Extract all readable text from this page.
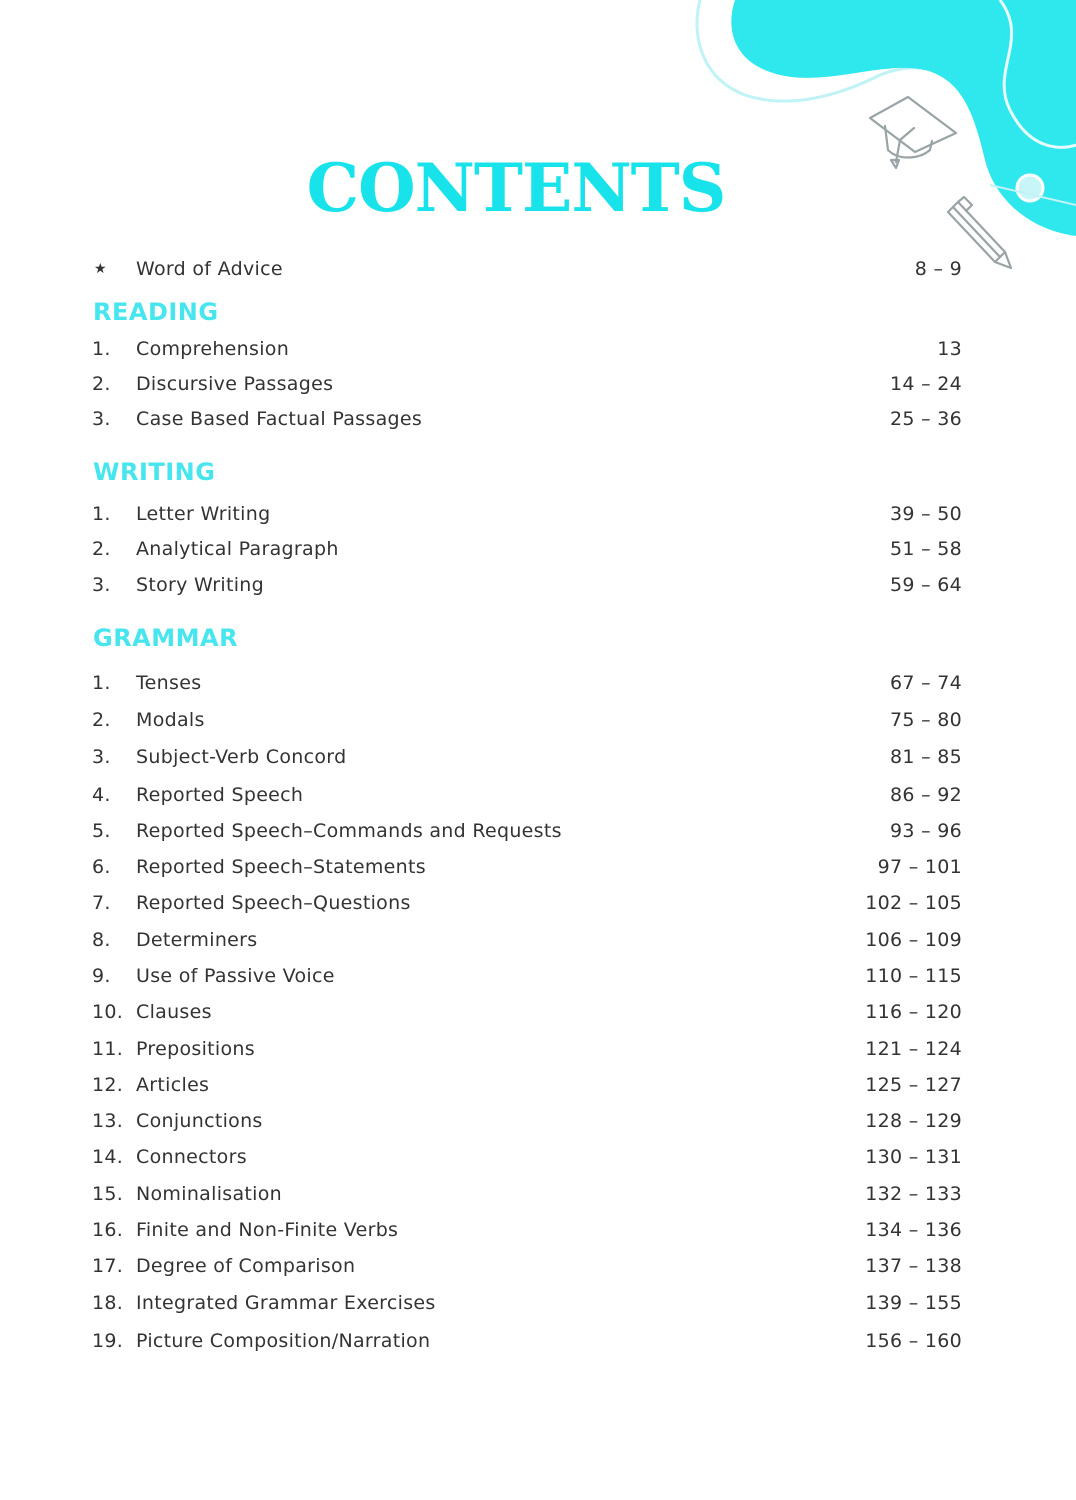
CONTENTS
★ Word of Advice	8 – 9
READING
1.	Comprehension	13
2.	Discursive Passages	14 – 24
3.	Case Based Factual Passages	25 – 36
WRITING
1.	Letter Writing	39 – 50
2.	Analytical Paragraph	51 – 58
3.	Story Writing	59 – 64
GRAMMAR
1.	Tenses	67 – 74
2.	Modals	75 – 80
3.	Subject-Verb Concord	81 – 85
4.	Reported Speech	86 – 92
5.	Reported Speech–Commands and Requests	93 – 96
6.	Reported Speech–Statements	97 – 101
7.	Reported Speech–Questions	102 – 105
8.	Determiners	106 – 109
9.	Use of Passive Voice	110 – 115
10. Clauses	116 – 120
11. Prepositions	121 – 124
12. Articles	125 – 127
13. Conjunctions	128 – 129
14. Connectors	130 – 131
15. Nominalisation	132 – 133
16. Finite and Non-Finite Verbs	134 – 136
17. Degree of Comparison	137 – 138
18. Integrated Grammar Exercises	139 – 155
19. Picture Composition/Narration	156 – 160
